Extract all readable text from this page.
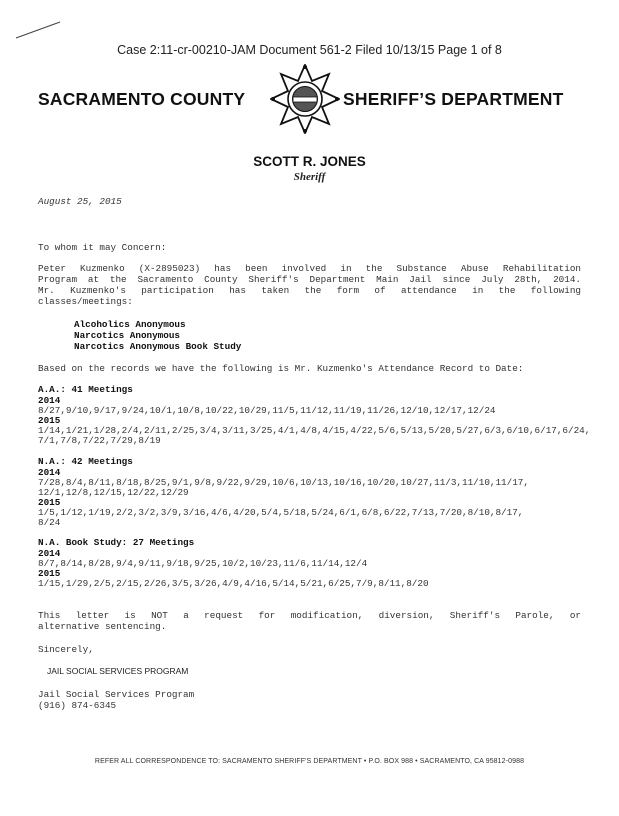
Case 2:11-cr-00210-JAM Document 561-2 Filed 10/13/15 Page 1 of 8
SACRAMENTO COUNTY	SHERIFF’S DEPARTMENT
SCOTT R. JONES
Sheriff
August 25, 2015
To whom it may Concern:
Peter Kuzmenko (X-2895023) has been involved in the Substance Abuse Rehabilitation
Program at the Sacramento County Sheriff's Department Main Jail since July 28th, 2014.
Mr. Kuzmenko's participation has taken the form of attendance in the following
classes/meetings:
Alcoholics Anonymous
Narcotics Anonymous
Narcotics Anonymous Book Study
Based on the records we have the following is Mr. Kuzmenko's Attendance Record to Date:
A.A.: 41 Meetings
2014
8/27,9/10,9/17,9/24,10/1,10/8,10/22,10/29,11/5,11/12,11/19,11/26,12/10,12/17,12/24
2015
1/14,1/21,1/28,2/4,2/11,2/25,3/4,3/11,3/25,4/1,4/8,4/15,4/22,5/6,5/13,5/20,5/27,6/3,6/10,6/17,6/24,
7/1,7/8,7/22,7/29,8/19
N.A.: 42 Meetings
2014
7/28,8/4,8/11,8/18,8/25,9/1,9/8,9/22,9/29,10/6,10/13,10/16,10/20,10/27,11/3,11/10,11/17,
12/1,12/8,12/15,12/22,12/29
2015
1/5,1/12,1/19,2/2,3/2,3/9,3/16,4/6,4/20,5/4,5/18,5/24,6/1,6/8,6/22,7/13,7/20,8/10,8/17,
8/24
N.A. Book Study: 27 Meetings
2014
8/7,8/14,8/28,9/4,9/11,9/18,9/25,10/2,10/23,11/6,11/14,12/4
2015
1/15,1/29,2/5,2/15,2/26,3/5,3/26,4/9,4/16,5/14,5/21,6/25,7/9,8/11,8/20
This letter is NOT a request for modification, diversion, Sheriff's Parole, or
alternative sentencing.
Sincerely,
JAIL SOCIAL SERVICES PROGRAM
Jail Social Services Program
(916) 874-6345
REFER ALL CORRESPONDENCE TO: SACRAMENTO SHERIFF'S DEPARTMENT • P.O. BOX 988 • SACRAMENTO, CA 95812-0988
